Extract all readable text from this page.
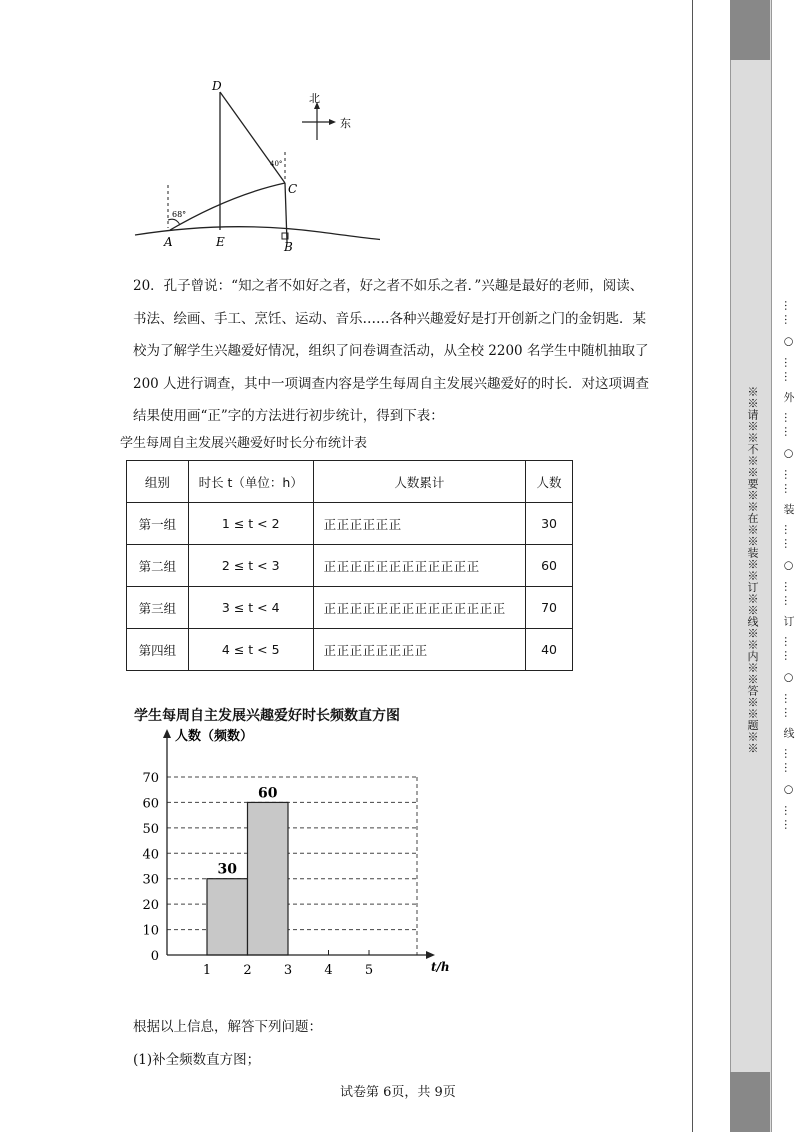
D
C
A	E	B
68°
40°
北
东

20．孔子曾说：“知之者不如好之者，好之者不如乐之者．”兴趣是最好的老师，阅读、

书法、绘画、手工、烹饪、运动、音乐……各种兴趣爱好是打开创新之门的金钥匙．某

校为了解学生兴趣爱好情况，组织了问卷调查活动，从全校 2200 名学生中随机抽取了

200 人进行调查，其中一项调查内容是学生每周自主发展兴趣爱好的时长．对这项调查

结果使用画“正”字的方法进行初步统计，得到下表：

学生每周自主发展兴趣爱好时长分布统计表
组别	时长 t（单位：h）	人数累计	人数
第一组	1 ≤ t < 2	正正正正正正	30
第二组	2 ≤ t < 3	正正正正正正正正正正正正	60
第三组	3 ≤ t < 4	正正正正正正正正正正正正正正	70
第四组	4 ≤ t < 5	正正正正正正正正	40
学生每周自主发展兴趣爱好时长频数直方图
30
60
0
10
20
30
40
50
60
70
1 2 3 4 5
人数（频数）
t/h
根据以上信息，解答下列问题：
(1)补全频数直方图；
试卷第 6页，共 9页
※※请※※不※※要※※在※※装※※订※※线※※内※※答※※题※※	…… ○ …… 外 …… ○ …… 装 …… ○ …… 订 …… ○ …… 线 …… ○ ……
